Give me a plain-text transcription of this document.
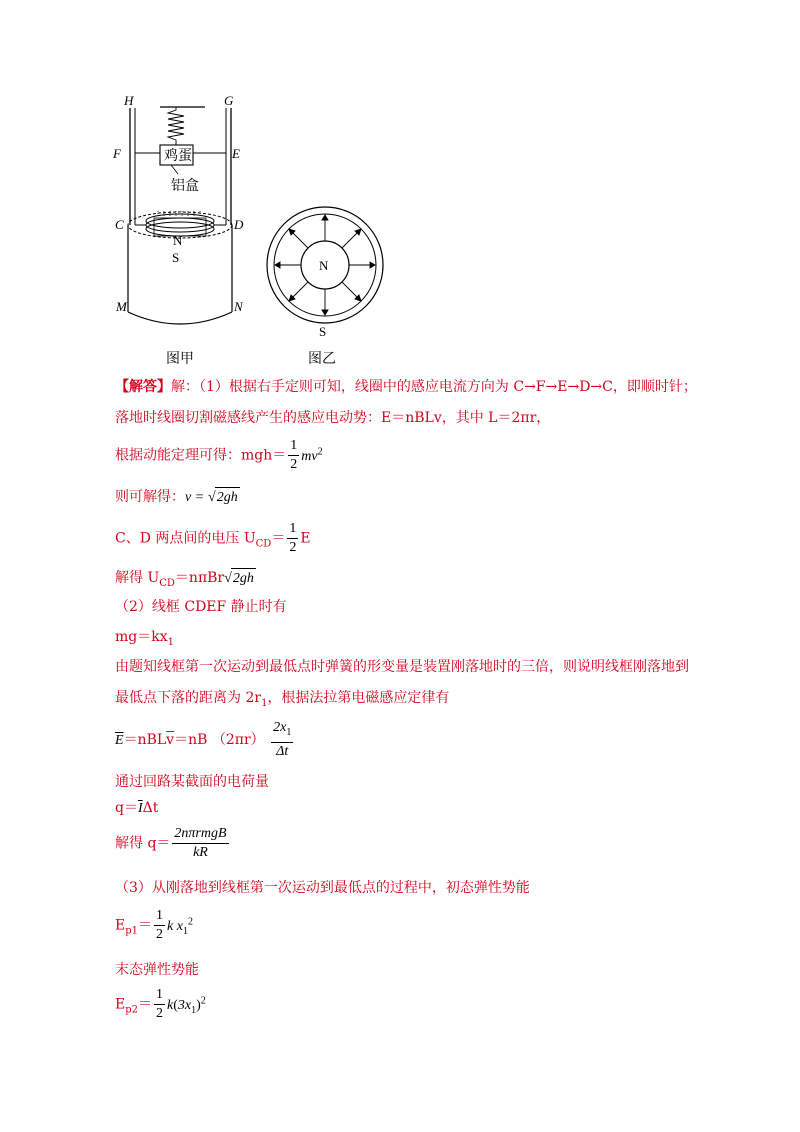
鸡蛋
铝盒
N
S
H	G
F	E
C	D
M	N
N
S
图甲	图乙
【解答】解：（1）根据右手定则可知，线圈中的感应电流方向为 C→F→E→D→C，即顺时针；
落地时线圈切割磁感线产生的感应电动势：E＝nBLv，其中 L＝2πr，
根据动能定理可得：$mgh= \frac{1}{2} mv^2$
则可解得：v = √2gh
C、D 两点间的电压 $U_{CD}= \frac{1}{2}$ E
解得 $U_{CD}=n\pi Br√2gh$
（2）线框 CDEF 静止时有
$mg=kx_1$
由题知线框第一次运动到最低点时弹簧的形变量是装置刚落地时的三倍，则说明线框刚落地到
最低点下落的距离为 $2r_1$，根据法拉第电磁感应定律有
$\overline{E}=nBL\overline{v}=nB$ $(2\pi r) \frac{2x_1}{\Delta t}$
通过回路某截面的电荷量
$q=\overline{I}\Delta t$
解得 $q= \frac{\text{2nπrmgB}}{kR}$
（3）从刚落地到线框第一次运动到最低点的过程中，初态弹性势能
$E_{p1}= \frac{1}{2}$ k $x_1^2$
末态弹性势能
$E_{p2}= \frac{1}{2} k(3x_1)^2$
